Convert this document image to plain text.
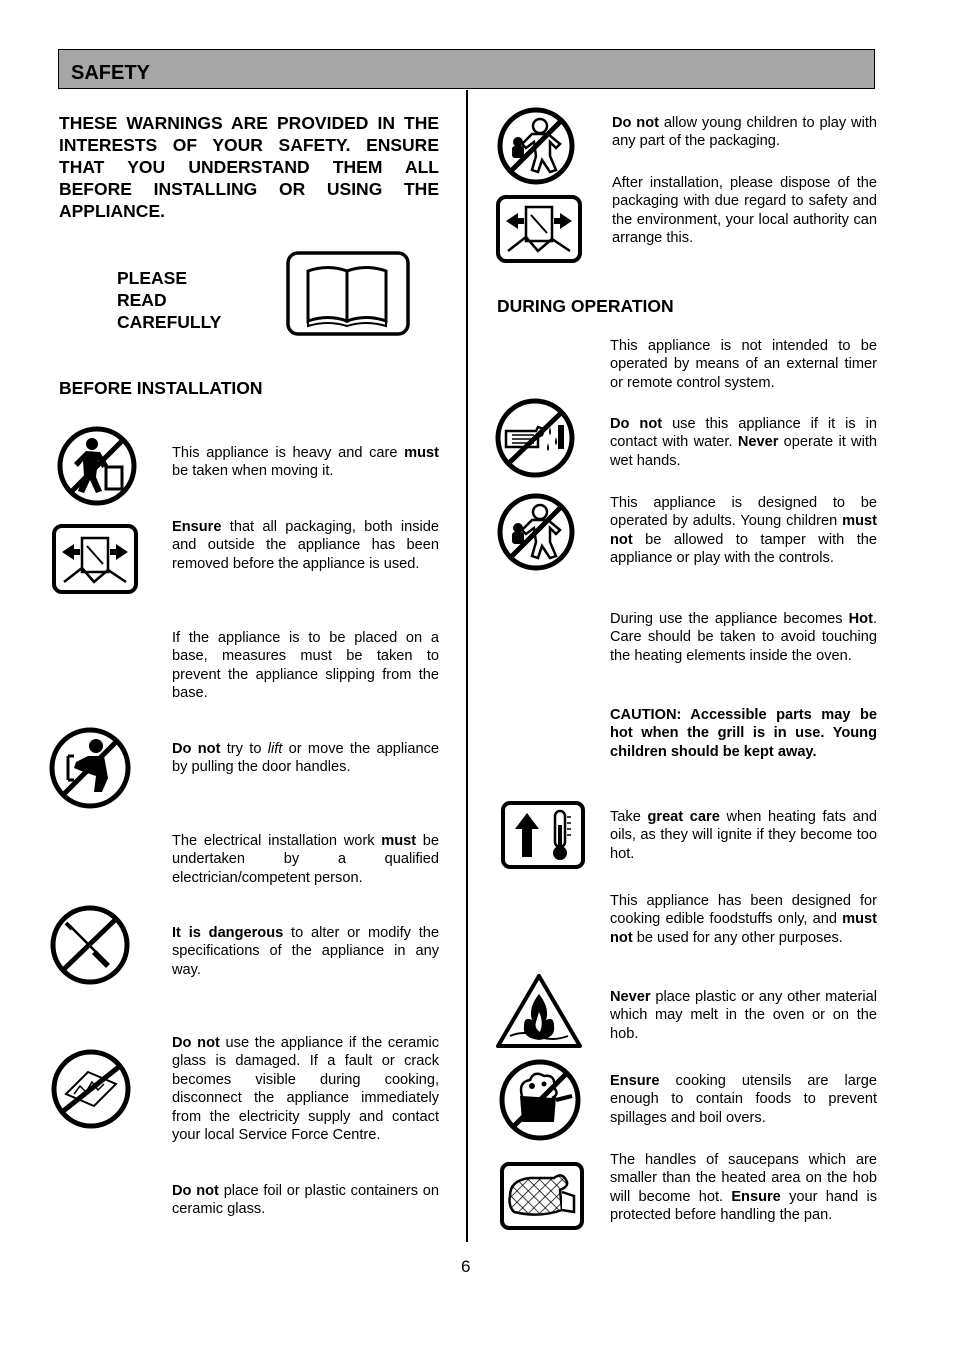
SAFETY
THESE WARNINGS ARE PROVIDED IN THE INTERESTS OF YOUR SAFETY. ENSURE THAT YOU UNDERSTAND THEM ALL BEFORE INSTALLING OR USING THE APPLIANCE.
PLEASE
READ
CAREFULLY
BEFORE INSTALLATION
This appliance is heavy and care must be taken when moving it.
Ensure that all packaging, both inside and outside the appliance has been removed before the appliance is used.
If the appliance is to be placed on a base, measures must be taken to prevent the appliance slipping from the base.
Do not try to lift or move the appliance by pulling the door handles.
The electrical installation work must be undertaken by a qualified electrician/competent person.
It is dangerous to alter or modify the specifications of the appliance in any way.
Do not use the appliance if the ceramic glass is damaged. If a fault or crack becomes visible during cooking, disconnect the appliance immediately from the electricity supply and contact your local Service Force Centre.
Do not place foil or plastic containers on ceramic glass.
Do not allow young children to play with any part of the packaging.
After installation, please dispose of the packaging with due regard to safety and the environment, your local authority can arrange this.
DURING OPERATION
This appliance is not intended to be operated by means of an external timer or remote control system.
Do not use this appliance if it is in contact with water. Never operate it with wet hands.
This appliance is designed to be operated by adults. Young children must not be allowed to tamper with the appliance or play with the controls.
During use the appliance becomes Hot. Care should be taken to avoid touching the heating elements inside the oven.
CAUTION: Accessible parts may be hot when the grill is in use. Young children should be kept away.
Take great care when heating fats and oils, as they will ignite if they become too hot.
This appliance has been designed for cooking edible foodstuffs only, and must not be used for any other purposes.
Never place plastic or any other material which may melt in the oven or on the hob.
Ensure cooking utensils are large enough to contain foods to prevent spillages and boil overs.
The handles of saucepans which are smaller than the heated area on the hob will become hot. Ensure your hand is protected before handling the pan.
6
